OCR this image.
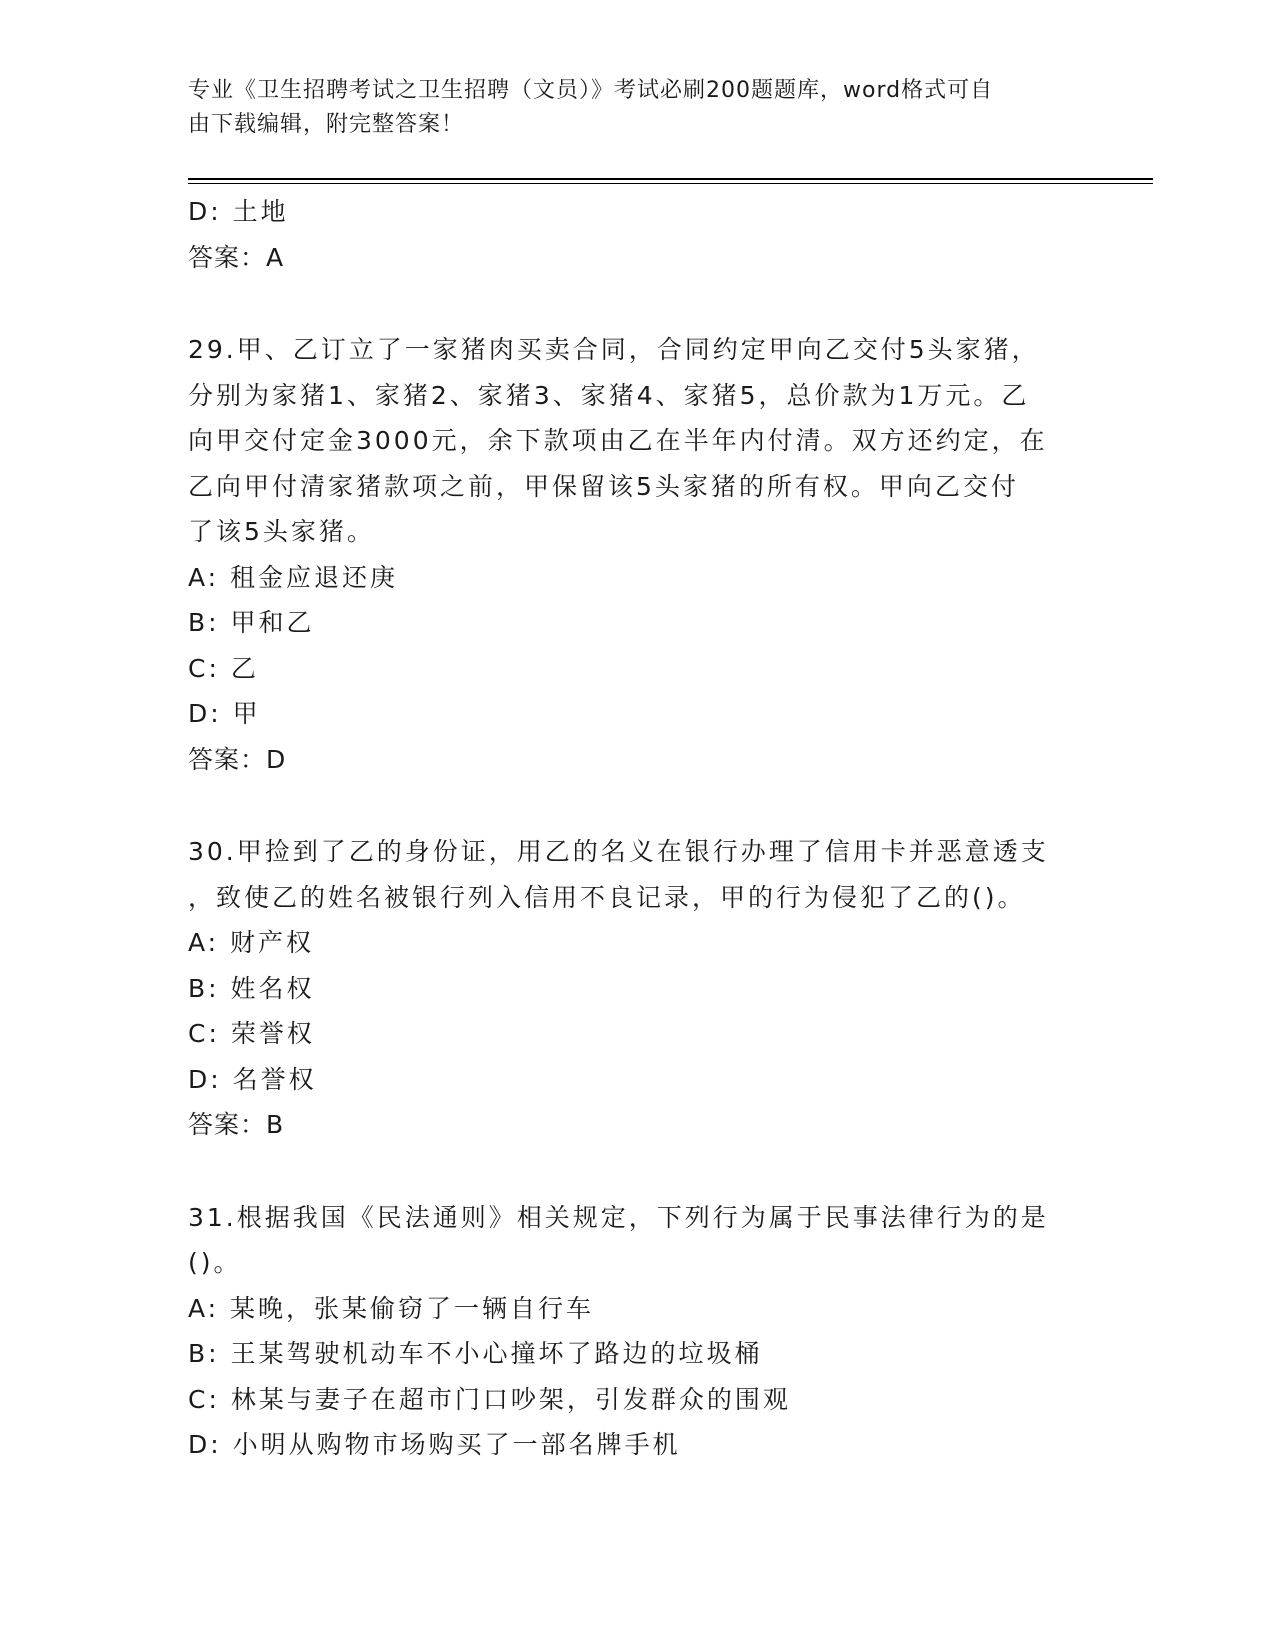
专业《卫生招聘考试之卫生招聘（文员）》考试必刷200题题库，word格式可自
由下载编辑，附完整答案！
D: 土地
答案：A
29.甲、乙订立了一家猪肉买卖合同，合同约定甲向乙交付5头家猪，
分别为家猪1、家猪2、家猪3、家猪4、家猪5，总价款为1万元。乙
向甲交付定金3000元，余下款项由乙在半年内付清。双方还约定，在
乙向甲付清家猪款项之前，甲保留该5头家猪的所有权。甲向乙交付
了该5头家猪。
A: 租金应退还庚
B: 甲和乙
C: 乙
D: 甲
答案：D
30.甲捡到了乙的身份证，用乙的名义在银行办理了信用卡并恶意透支
，致使乙的姓名被银行列入信用不良记录，甲的行为侵犯了乙的()。
A: 财产权
B: 姓名权
C: 荣誉权
D: 名誉权
答案：B
31.根据我国《民法通则》相关规定，下列行为属于民事法律行为的是
()。
A: 某晚，张某偷窃了一辆自行车
B: 王某驾驶机动车不小心撞坏了路边的垃圾桶
C: 林某与妻子在超市门口吵架，引发群众的围观
D: 小明从购物市场购买了一部名牌手机
